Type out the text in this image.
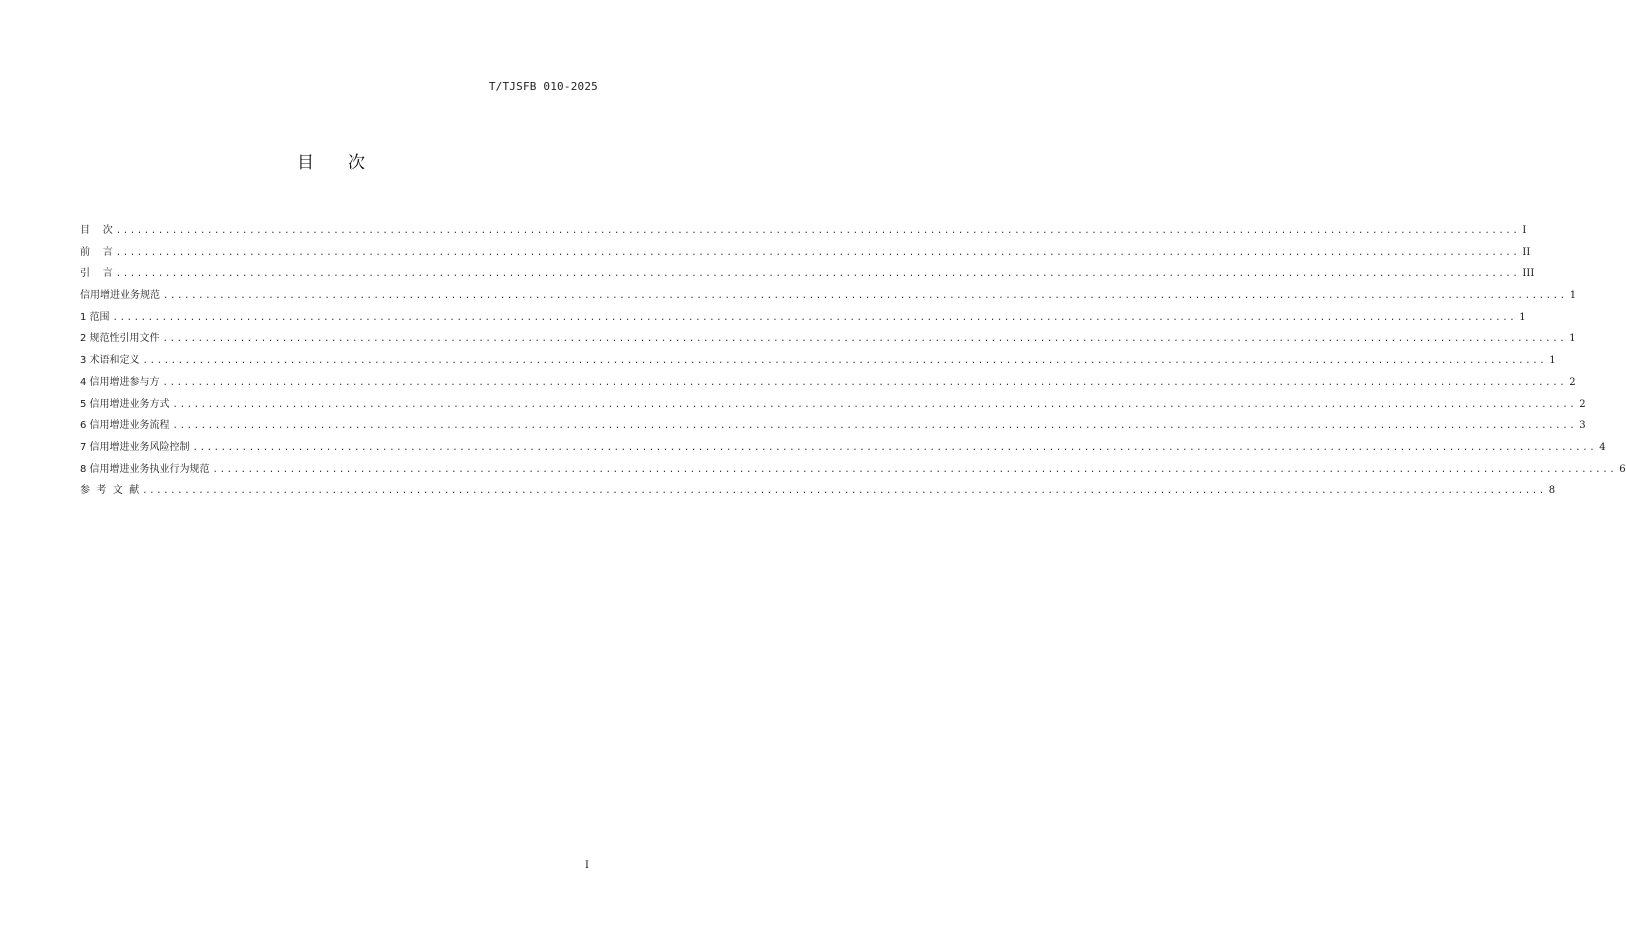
T/TJSFB 010-2025
目 次
目    次 ........................................................................................................................................................................................................ I
前    言 ........................................................................................................................................................................................................ II
引    言 ........................................................................................................................................................................................................ III
信用增进业务规范 ........................................................................................................................................................................................................ 1
1 范围 ........................................................................................................................................................................................................ 1
2 规范性引用文件 ........................................................................................................................................................................................................ 1
3 术语和定义 ........................................................................................................................................................................................................ 1
4 信用增进参与方 ........................................................................................................................................................................................................ 2
5 信用增进业务方式 ........................................................................................................................................................................................................ 2
6 信用增进业务流程 ........................................................................................................................................................................................................ 3
7 信用增进业务风险控制 ........................................................................................................................................................................................................ 4
8 信用增进业务执业行为规范 ........................................................................................................................................................................................................ 6
参  考  文  献 ........................................................................................................................................................................................................ 8
I
